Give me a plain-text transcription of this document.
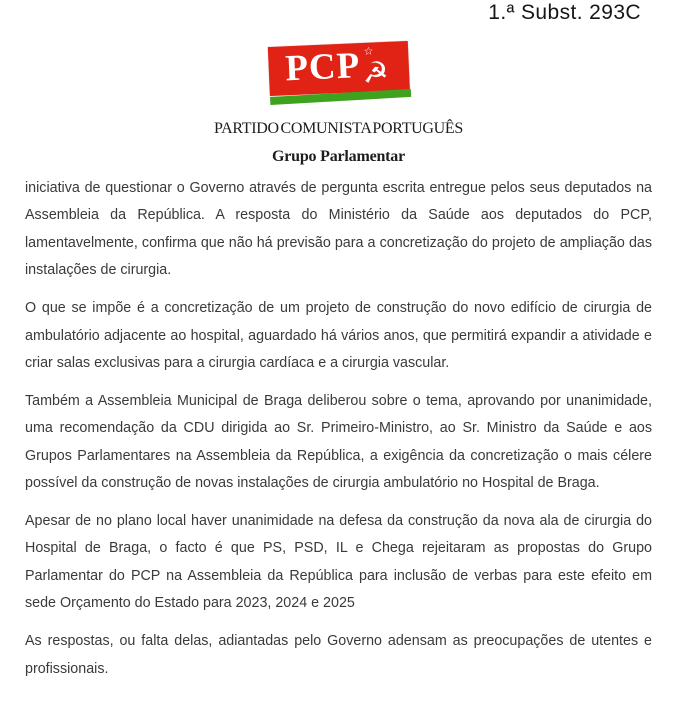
1.ª Subst. 293C
PCP ☆
☭
PARTIDO COMUNISTA PORTUGUÊS
Grupo Parlamentar

iniciativa de questionar o Governo através de pergunta escrita entregue pelos seus deputados na Assembleia da República. A resposta do Ministério da Saúde aos deputados do PCP, lamentavelmente, confirma que não há previsão para a concretização do projeto de ampliação das instalações de cirurgia.

O que se impõe é a concretização de um projeto de construção do novo edifício de cirurgia de ambulatório adjacente ao hospital, aguardado há vários anos, que permitirá expandir a atividade e criar salas exclusivas para a cirurgia cardíaca e a cirurgia vascular.

Também a Assembleia Municipal de Braga deliberou sobre o tema, aprovando por unanimidade, uma recomendação da CDU dirigida ao Sr. Primeiro-Ministro, ao Sr. Ministro da Saúde e aos Grupos Parlamentares na Assembleia da República, a exigência da concretização o mais célere possível da construção de novas instalações de cirurgia ambulatório no Hospital de Braga.

Apesar de no plano local haver unanimidade na defesa da construção da nova ala de cirurgia do Hospital de Braga, o facto é que PS, PSD, IL e Chega rejeitaram as propostas do Grupo Parlamentar do PCP na Assembleia da República para inclusão de verbas para este efeito em sede Orçamento do Estado para 2023, 2024 e 2025

As respostas, ou falta delas, adiantadas pelo Governo adensam as preocupações de utentes e profissionais.
